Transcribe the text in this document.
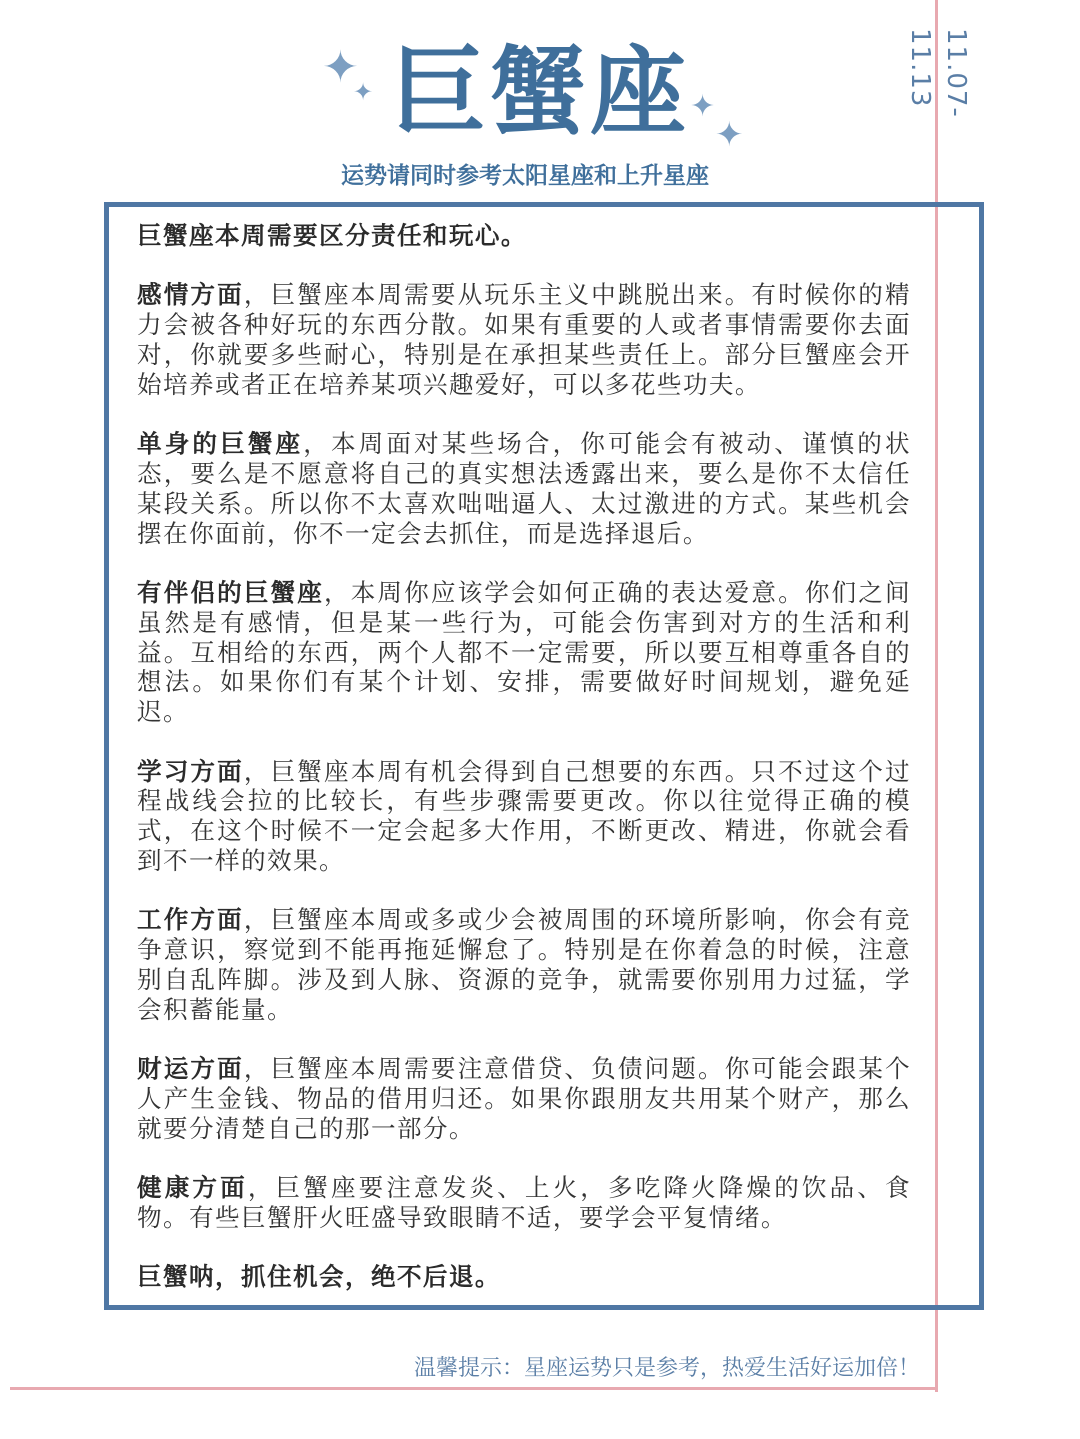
11.07-11.13
✦
✦	✦
✦
巨蟹座
运势请同时参考太阳星座和上升星座

巨蟹座本周需要区分责任和玩心。

感情方面，巨蟹座本周需要从玩乐主义中跳脱出来。有时候你的精力会被各种好玩的东西分散。如果有重要的人或者事情需要你去面对，你就要多些耐心，特别是在承担某些责任上。部分巨蟹座会开始培养或者正在培养某项兴趣爱好，可以多花些功夫。

单身的巨蟹座，本周面对某些场合，你可能会有被动、谨慎的状态，要么是不愿意将自己的真实想法透露出来，要么是你不太信任某段关系。所以你不太喜欢咄咄逼人、太过激进的方式。某些机会摆在你面前，你不一定会去抓住，而是选择退后。

有伴侣的巨蟹座，本周你应该学会如何正确的表达爱意。你们之间虽然是有感情，但是某一些行为，可能会伤害到对方的生活和利益。互相给的东西，两个人都不一定需要，所以要互相尊重各自的想法。如果你们有某个计划、安排，需要做好时间规划，避免延迟。

学习方面，巨蟹座本周有机会得到自己想要的东西。只不过这个过程战线会拉的比较长，有些步骤需要更改。你以往觉得正确的模式，在这个时候不一定会起多大作用，不断更改、精进，你就会看到不一样的效果。

工作方面，巨蟹座本周或多或少会被周围的环境所影响，你会有竞争意识，察觉到不能再拖延懈怠了。特别是在你着急的时候，注意别自乱阵脚。涉及到人脉、资源的竞争，就需要你别用力过猛，学会积蓄能量。

财运方面，巨蟹座本周需要注意借贷、负债问题。你可能会跟某个人产生金钱、物品的借用归还。如果你跟朋友共用某个财产，那么就要分清楚自己的那一部分。

健康方面，巨蟹座要注意发炎、上火，多吃降火降燥的饮品、食物。有些巨蟹肝火旺盛导致眼睛不适，要学会平复情绪。

巨蟹呐，抓住机会，绝不后退。

温馨提示：星座运势只是参考，热爱生活好运加倍！
